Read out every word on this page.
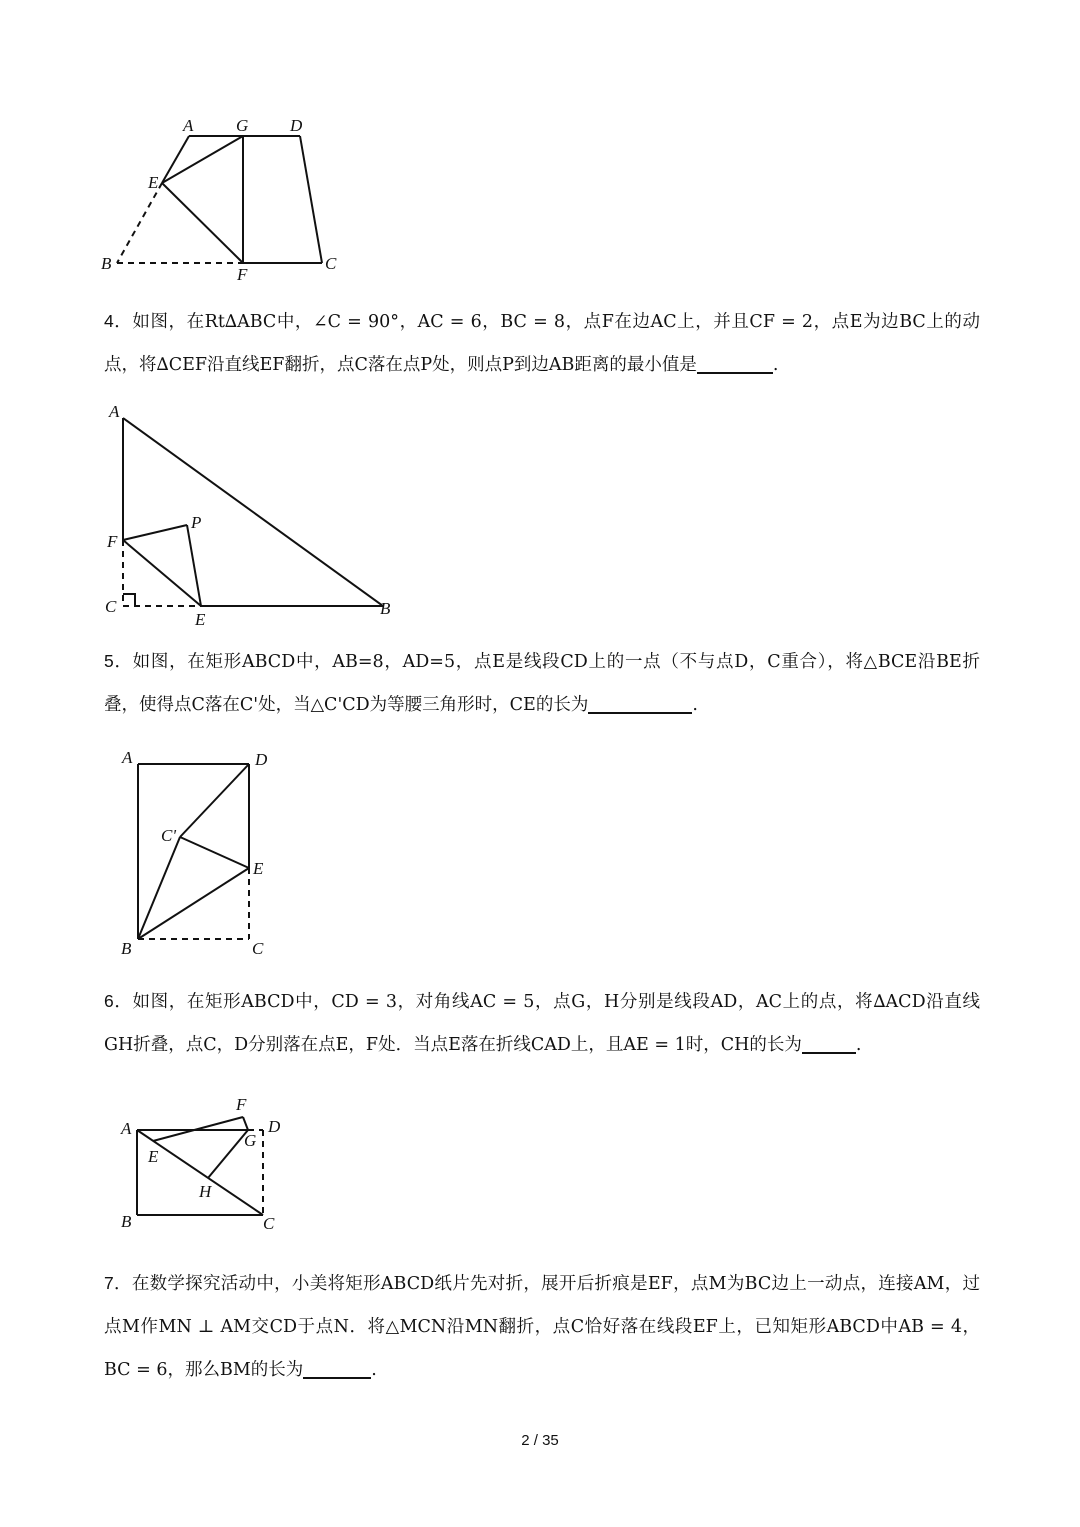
A	G D
E
B
F
C

4．如图，在Rt∆ABC中，∠C = 90°，AC = 6，BC = 8，点F在边AC上，并且CF = 2，点E为边BC上的动点，将∆CEF沿直线EF翻折，点C落在点P处，则点P到边AB距离的最小值是	.

A
P
F
C
E
B

5．如图，在矩形ABCD中，AB=8，AD=5，点E是线段CD上的一点（不与点D，C重合），将△BCE沿BE折叠，使得点C落在C'处，当△C'CD为等腰三角形时，CE的长为	.

A	D
C'
E
B	C

6．如图，在矩形ABCD中，CD = 3，对角线AC = 5，点G，H分别是线段AD，AC上的点，将∆ACD沿直线GH折叠，点C，D分别落在点E，F处．当点E落在折线CAD上，且AE = 1时，CH的长为	.

A
F
D
G
E
H
B	C

7．在数学探究活动中，小美将矩形ABCD纸片先对折，展开后折痕是EF，点M为BC边上一动点，连接AM，过点M作MN ⊥ AM交CD于点N．将△MCN沿MN翻折，点C恰好落在线段EF上，已知矩形ABCD中AB = 4，BC = 6，那么BM的长为	.

2 / 35
